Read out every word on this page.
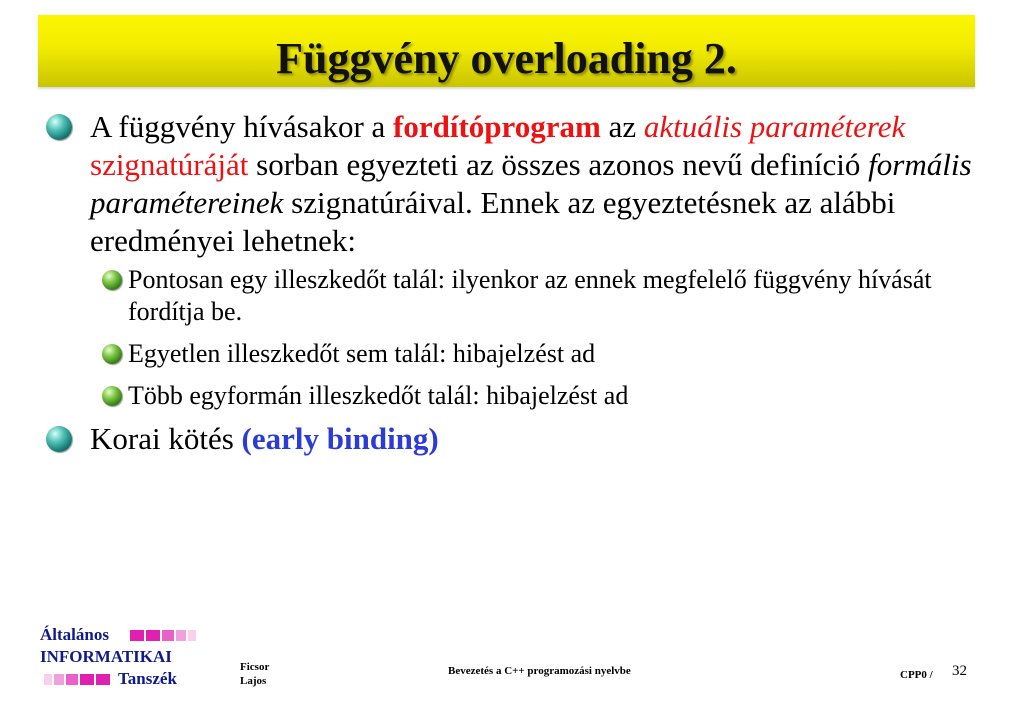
Függvény overloading 2.

A függvény hívásakor a fordítóprogram az aktuális paraméterek szignatúráját sorban egyezteti az összes azonos nevű definíció formális paramétereinek szignatúráival. Ennek az egyeztetésnek az alábbi eredményei lehetnek:

Pontosan egy illeszkedőt talál: ilyenkor az ennek megfelelő függvény hívását fordítja be.

Egyetlen illeszkedőt sem talál: hibajelzést ad

Több egyformán illeszkedőt talál: hibajelzést ad

Korai kötés (early binding)

Általános
INFORMATIKAI
Tanszék
Ficsor
Lajos
Bevezetés a C++ programozási nyelvbe	CPP0 / 32
